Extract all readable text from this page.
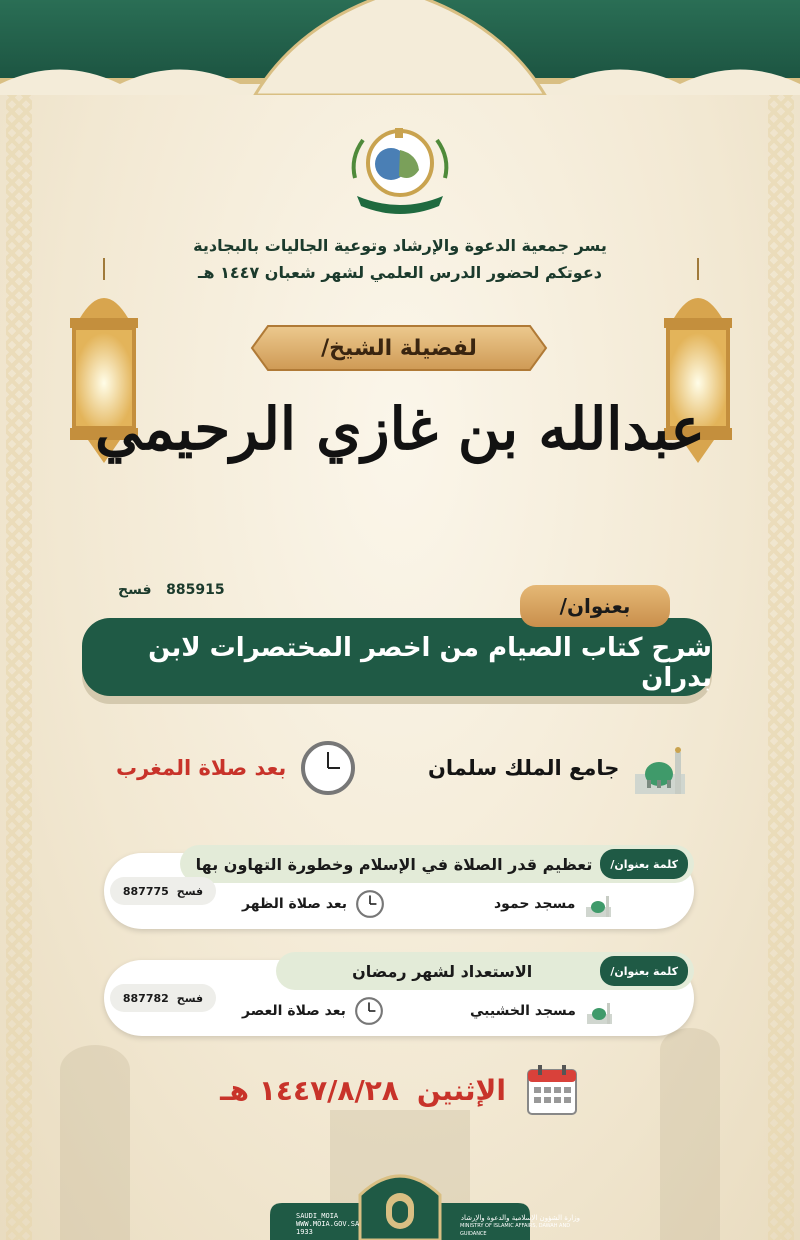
يسر جمعية الدعوة والإرشاد وتوعية الجاليات بالبجادية
دعوتكم لحضور الدرس العلمي لشهر شعبان ١٤٤٧ هـ
لفضيلة الشيخ/
عبدالله بن غازي الرحيمي
885915   فسح
بعنوان/
شرح كتاب الصيام من اخصر المختصرات لابن بدران
جامع الملك سلمان
بعد صلاة المغرب
كلمة بعنوان/
تعظيم قدر الصلاة في الإسلام وخطورة التهاون بها
887775 فسح
مسجد حمود
بعد صلاة الظهر
كلمة بعنوان/
الاستعداد لشهر رمضان
887782 فسح
مسجد الخشيبي
بعد صلاة العصر
الإثنين
١٤٤٧/٨/٢٨ هـ
SAUDI_MOIA
WWW.MOIA.GOV.SA
1933
وزارة الشؤون الإسلامية والدعوة والإرشاد
MINISTRY OF ISLAMIC AFFAIRS, DAWAH AND GUIDANCE
